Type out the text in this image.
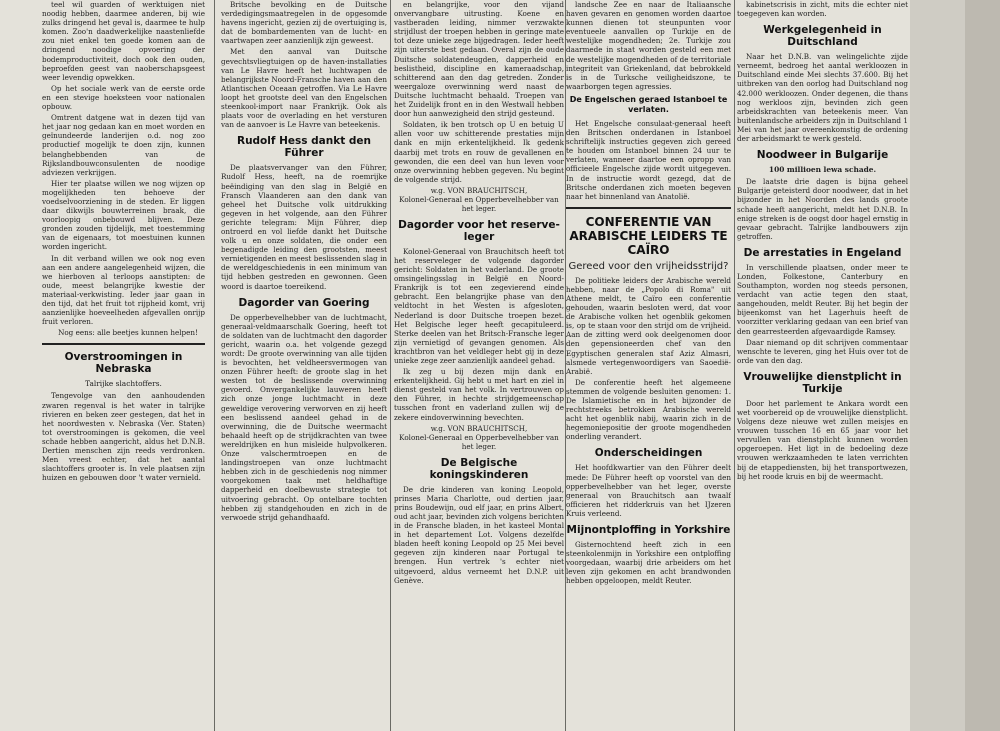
teel wil guarden of werktuigen niet noodig hebben, daarmee anderen, bij wie zulks dringend het geval is, daarmee te hulp komen. Zoo'n daadwerkelijke naastenliefde zou niet enkel ten goede komen aan de dringend noodige opvoering der bodemproductiviteit, doch ook den ouden, beproefden geest van naoberschapsgeest weer levendig opwekken.

Op het sociale werk van de eerste orde en een stevige hoeksteen voor nationalen opbouw.

Omtrent datgene wat in dezen tijd van het jaar nog gedaan kan en moet worden en geïnundeerde landerijen o.d. nog zoo productief mogelijk te doen zijn, kunnen belanghebbenden van de Rijkslandbouwconsulenten de noodige adviezen verkrijgen.

Hier ter plaatse willen we nog wijzen op mogelijkheden ten behoeve der voedselvoorziening in de steden. Er liggen daar dikwijls bouwterreinen braak, die voorloopig onbebouwd blijven. Deze gronden zouden tijdelijk, met toestemming van de eigenaars, tot moestuinen kunnen worden ingericht.

In dit verband willen we ook nog even aan een andere aangelegenheid wijzen, die we hierboven al terloops aanstipten: de oude, meest belangrijke kwestie der materiaal-verkwisting. Ieder jaar gaan in den tijd, dat het fruit tot rijpheid komt, vrij aanzienlijke hoeveelheden afgevallen onrijp fruit verloren.

Nog eens: alle beetjes kunnen helpen!

Overstroomingen in Nebraska
Talrijke slachtoffers.

Tengevolge van den aanhoudenden zwaren regenval is het water in talrijke rivieren en beken zeer gestegen, dat het in het noordwesten v. Nebraska (Ver. Staten) tot overstroomingen is gekomen, die veel schade hebben aangericht, aldus het D.N.B. Dertien menschen zijn reeds verdronken. Men vreest echter, dat het aantal slachtoffers grooter is. In vele plaatsen zijn huizen en gebouwen door 't water vernield.

Britsche bevolking en de Duitsche verdedigingsmaatregelen in de opgesomde havens ingericht, gezien zij de overtuiging is, dat de bombardementen van de lucht- en vaartwapen zeer aanzienlijk zijn geweest.

Met den aanval van Duitsche gevechtsvliegtuigen op de haven-installaties van Le Havre heeft het luchtwapen de belangrijkste Noord-Fransche haven aan den Atlantischen Oceaan getroffen. Via Le Havre loopt het grootste deel van den Engelschen steenkool-import naar Frankrijk. Ook als plaats voor de overlading en het versturen van de aanvoer is Le Havre van beteekenis.

Rudolf Hess dankt den Führer

De plaatsvervanger van den Führer, Rudolf Hess, heeft, na de roemrijke beëindiging van den slag in België en Fransch Vlaanderen aan den dank van geheel het Duitsche volk uitdrukking gegeven in het volgende, aan den Führer gerichte telegram: Mijn Führer, diep ontroerd en vol liefde dankt het Duitsche volk u en onze soldaten, die onder een begenadigde leiding den grootsten, meest vernietigenden en meest beslissenden slag in de wereldgeschiedenis in een minimum van tijd hebben gestreden en gewonnen. Geen woord is daartoe toereikend.

Dagorder van Goering

De opperbevelhebber van de luchtmacht, generaal-veldmaarschalk Goering, heeft tot de soldaten van de luchtmacht den dagorder gericht, waarin o.a. het volgende gezegd wordt: De groote overwinning van alle tijden is bevochten, het veldheersvermogen van onzen Führer heeft: de groote slag in het westen tot de beslissende overwinning gevoerd. Onvergankelijke lauweren heeft zich onze jonge luchtmacht in deze geweldige verovering verworven en zij heeft een beslissend aandeel gehad in de overwinning, die de Duitsche weermacht behaald heeft op de strijdkrachten van twee wereldrijken en hun misleide hulpvolkeren. Onze valschermtroepen en de landingstroepen van onze luchtmacht hebben zich in de geschiedenis nog nimmer voorgekomen taak met heldhaftige dapperheid en doelbewuste strategie tot uitvoering gebracht. Op ontelbare tochten hebben zij standgehouden en zich in de verwoede strijd gehandhaafd.

en belangrijke, voor den vijand onvervangbare uitrusting. Koene en vastberaden leiding, nimmer verzwakte strijdlust der troepen hebben in geringe mate tot deze unieke zege bijgedragen. Ieder heeft zijn uiterste best gedaan. Overal zijn de oude Duitsche soldatendeugden, dapperheid en beslistheid, discipline en kameraadschap, schitterend aan den dag getreden. Zonder weergaloze overwinning werd naast de Duitsche luchtmacht behaald. Troepen van het Zuidelijk front en in den Westwall hebben door hun aanwezigheid den strijd gesteund.

Soldaten, ik ben trotsch op U en betuig U allen voor uw schitterende prestaties mijn dank en mijn erkentelijkheid. Ik gedenk daarbij met trots en rouw de gevallenen en gewonden, die een deel van hun leven voor onze overwinning hebben gegeven. Nu begint de volgende strijd.

w.g. VON BRAUCHITSCH,
Kolonel-Generaal en Opperbevelhebber van het leger.
Dagorder voor het reserve-leger

Kolonel-Generaal von Brauchitsch heeft tot het reserveleger de volgende dagorder gericht: Soldaten in het vaderland. De groote omsingelingsslag in België en Noord-Frankrijk is tot een zegevierend einde gebracht. Een belangrijke phase van den veldtocht in het Westen is afgesloten, Nederland is door Duitsche troepen bezet. Het Belgische leger heeft gecapituleerd. Sterke deelen van het Britsch-Fransche leger zijn vernietigd of gevangen genomen. Als krachtbron van het veldleger hebt gij in deze unieke zege zeer aanzienlijk aandeel gehad.

Ik zeg u bij dezen mijn dank en erkentelijkheid. Gij hebt u met hart en ziel in dienst gesteld van het volk. In vertrouwen op den Führer, in hechte strijdgemeenschap tusschen front en vaderland zullen wij de zekere eindoverwinning bevechten.

w.g. VON BRAUCHITSCH,
Kolonel-Generaal en Opperbevelhebber van het leger.
De Belgische koningskinderen

De drie kinderen van koning Leopold, prinses Maria Charlotte, oud dertien jaar, prins Boudewijn, oud elf jaar, en prins Albert, oud acht jaar, bevinden zich volgens berichten in de Fransche bladen, in het kasteel Montal in het departement Lot. Volgens dezelfde bladen heeft koning Leopold op 25 Mei bevel gegeven zijn kinderen naar Portugal te brengen. Hun vertrek 's echter niet uitgevoerd, aldus verneemt het D.N.P. uit Genève.

landsche Zee en naar de Italiaansche haven gevaren en genomen worden daartoe kunnen dienen tot steunpunten voor eventueele aanvallen op Turkije en de westelijke mogendheden; 2e. Turkije zou daarmede in staat worden gesteld een met de westelijke mogendheden of de territoriale integriteit van Griekenland, dat bebrokkeld is in de Turksche veiligheidszone, te waarborgen tegen agressies.

De Engelschen geraed Istanboel te verlaten.

Het Engelsche consulaat-generaal heeft den Britschen onderdanen in Istanboel schriftelijk instructies gegeven zich gereed te houden om Istanboel binnen 24 uur te verlaten, wanneer daartoe een opropp van officieele Engelsche zijde wordt uitgegeven. In de instructie wordt gezegd, dat de Britsche onderdanen zich moeten begeven naar het binnenland van Anatolië.

CONFERENTIE VAN ARABISCHE LEIDERS TE CAÏRO
Gereed voor den vrijheidsstrijd?

De politieke leiders der Arabische wereld hebben, naar de „Popolo di Roma" uit Athene meldt, te Caïro een conferentie gehouden, waarin besloten werd, dat voor de Arabische volken het ogenblik gekomen is, op te staan voor den strijd om de vrijheid. Aan de zitting werd ook deelgenomen door den gepensioneerden chef van den Egyptischen generalen staf Aziz Almasri, alsmede vertegenwoordigers van Saoedië-Arabië.

De conferentie heeft het algemeene stemmen de volgende besluiten genomen: 1. De Islamietische en in het bijzonder de rechtstreeks betrokken Arabische wereld acht het ogenblik nabij, waarin zich in de hegemoniepositie der groote mogendheden onderling verandert.

Onderscheidingen

Het hoofdkwartier van den Führer deelt mede: De Führer heeft op voorstel van den opperbevelhebber van het leger, overste generaal von Brauchitsch aan twaalf officieren het ridderkruis van het IJzeren Kruis verleend.

Mijnontploffing in Yorkshire

Gisternochtend heeft zich in een steenkolenmijn in Yorkshire een ontploffing voorgedaan, waarbij drie arbeiders om het leven zijn gekomen en acht brandwonden hebben opgeloopen, meldt Reuter.

kabinetscrisis in zicht, mits die echter niet toegegeven kan worden.

Werkgelegenheid in Duitschland

Naar het D.N.B. van welingelichte zijde verneemt, bedroeg het aantal werkloozen in Duitschland einde Mei slechts 37.600. Bij het uitbreken van den oorlog had Duitschland nog 42.000 werkloozen. Onder degenen, die thans nog werkloos zijn, bevinden zich geen arbeidskrachten van beteekenis meer. Van buitenlandsche arbeiders zijn in Duitschland 1 Mei van het jaar overeenkomstig de ordening der arbeidsmarkt te werk gesteld.

Noodweer in Bulgarije
100 millioen lewa schade.

De laatste drie dagen is bijna geheel Bulgarije geteisterd door noodweer, dat in het bijzonder in het Noorden des lands groote schade heeft aangericht, meldt het D.N.B. In enige streken is de oogst door hagel ernstig in gevaar gebracht. Talrijke landbouwers zijn getroffen.

De arrestaties in Engeland

In verschillende plaatsen, onder meer te Londen, Folkestone, Canterbury en Southampton, worden nog steeds personen, verdacht van actie tegen den staat, aangehouden, meldt Reuter. Bij het begin der bijeenkomst van het Lagerhuis heeft de voorzitter verklaring gedaan van een brief van den gearresteerden afgevaardigde Ramsey.

Daar niemand op dit schrijven commentaar wenschte te leveren, ging het Huis over tot de orde van den dag.

Vrouwelijke dienstplicht in Turkije

Door het parlement te Ankara wordt een wet voorbereid op de vrouwelijke dienstplicht. Volgens deze nieuwe wet zullen meisjes en vrouwen tusschen 16 en 65 jaar voor het vervullen van dienstplicht kunnen worden opgeroepen. Het ligt in de bedoeling deze vrouwen werkzaamheden te laten verrichten bij de etappediensten, bij het transportwezen, bij het roode kruis en bij de weermacht.
